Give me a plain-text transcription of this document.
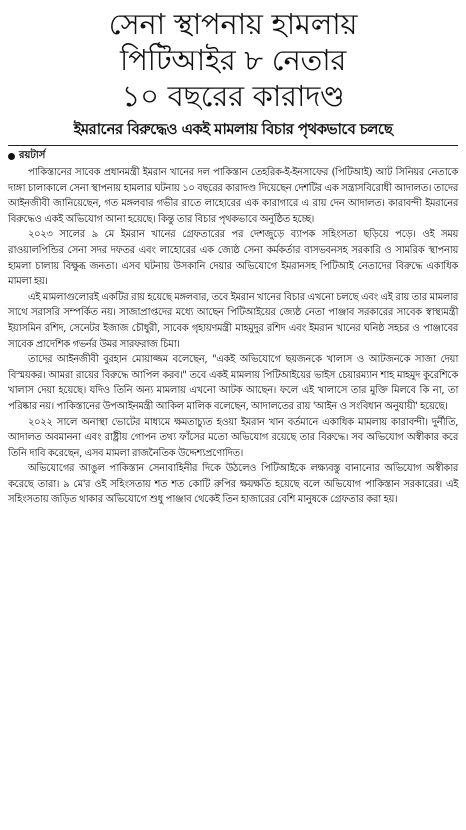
সেনা স্থাপনায় হামলায়
পিটিআইর ৮ নেতার
১০ বছরের কারাদণ্ড
ইমরানের বিরুদ্ধেও একই মামলায় বিচার পৃথকভাবে চলছে
রয়টার্স

পাকিস্তানের সাবেক প্রধানমন্ত্রী ইমরান খানের দল পাকিস্তান তেহরিক-ই-ইনসাফের (পিটিআই) আট সিনিয়র নেতাকে দাঙ্গা চালাকালে সেনা স্থাপনায় হামলার ঘটনায় ১০ বছরের কারাদণ্ড দিয়েছেন দেশটির এক সন্ত্রাসবিরোধী আদালত। তাদের আইনজীবী জানিয়েছেন, গত মঙ্গলবার গভীর রাতে লাহোরের এক কারাগারে এ রায় দেন আদালত। কারাবন্দী ইমরানের বিরুদ্ধেও একই অভিযোগ আনা হয়েছে। কিন্তু তার বিচার পৃথকভাবে অনুষ্ঠিত হচ্ছে।

২০২৩ সালের ৯ মে ইমরান খানের গ্রেফতারের পর দেশজুড়ে ব্যাপক সহিংসতা ছড়িয়ে পড়ে। ওই সময় রাওয়ালপিন্ডির সেনা সদর দফতর এবং লাহোরের এক জ্যেষ্ঠ সেনা কর্মকর্তার বাসভবনসহ সরকারি ও সামরিক স্থাপনায় হামলা চালায় বিক্ষুব্ধ জনতা। এসব ঘটনায় উসকানি দেয়ার অভিযোগে ইমরানসহ পিটিআই নেতাদের বিরুদ্ধে একাধিক মামলা হয়।

এই মামলাগুলোরই একটির রায় হয়েছে মঙ্গলবার, তবে ইমরান খানের বিচার এখনো চলছে এবং এই রায় তার মামলার সাথে সরাসরি সম্পর্কিত নয়। সাজাপ্রাপ্তদের মধ্যে আছেন পিটিআইয়ের জ্যেষ্ঠ নেতা পাঞ্জাব সরকারের সাবেক স্বাস্থ্যমন্ত্রী ইয়াসমিন রশিদ, সেনেটর ইজাজ চৌধুরী, সাবেক গৃহায়ণমন্ত্রী মাহমুদুর রশিদ এবং ইমরান খানের ঘনিষ্ঠ সহচর ও পাঞ্জাবের সাবেক প্রাদেশিক গভর্নর উমর সারফরাজ চিমা।

তাদের আইনজীবী বুরহান মোয়াজ্জম বলেছেন, "একই অভিযোগে ছয়জনকে খালাস ও আটজনকে সাজা দেয়া বিস্ময়কর। আমরা রায়ের বিরুদ্ধে আপিল করব।" তবে একই মামলায় পিটিআইয়ের ভাইস চেয়ারম্যান শাহ মাহমুদ কুরেশিকে খালাস দেয়া হয়েছে। যদিও তিনি অন্য মামলায় এখনো আটক আছেন। ফলে এই খালাসে তার মুক্তি মিলবে কি না, তা পরিষ্কার নয়। পাকিস্তানের উপআইনমন্ত্রী আকিল মালিক বলেছেন, আদালতের রায় 'আইন ও সংবিধান অনুযায়ী' হয়েছে।

২০২২ সালে অনাস্থা ভোটের মাধ্যমে ক্ষমতাচ্যুত হওয়া ইমরান খান বর্তমানে একাধিক মামলায় কারাবন্দী। দুর্নীতি, আদালত অবমাননা এবং রাষ্ট্রীয় গোপন তথ্য ফাঁসের মতো অভিযোগ রয়েছে তার বিরুদ্ধে। সব অভিযোগ অস্বীকার করে তিনি দাবি করেছেন, এসব মামলা রাজনৈতিক উদ্দেশ্যপ্রণোদিত।

অভিযোগের আঙুল পাকিস্তান সেনাবাহিনীর দিকে উঠলেও পিটিআইকে লক্ষ্যবস্তু বানানোর অভিযোগ অস্বীকার করেছে তারা। ৯ মে'র ওই সহিংসতায় শত শত কোটি রুপির ক্ষয়ক্ষতি হয়েছে বলে অভিযোগ পাকিস্তান সরকারের। এই সহিংসতায় জড়িত থাকার অভিযোগে শুধু পাঞ্জাব থেকেই তিন হাজারের বেশি মানুষকে গ্রেফতার করা হয়।
